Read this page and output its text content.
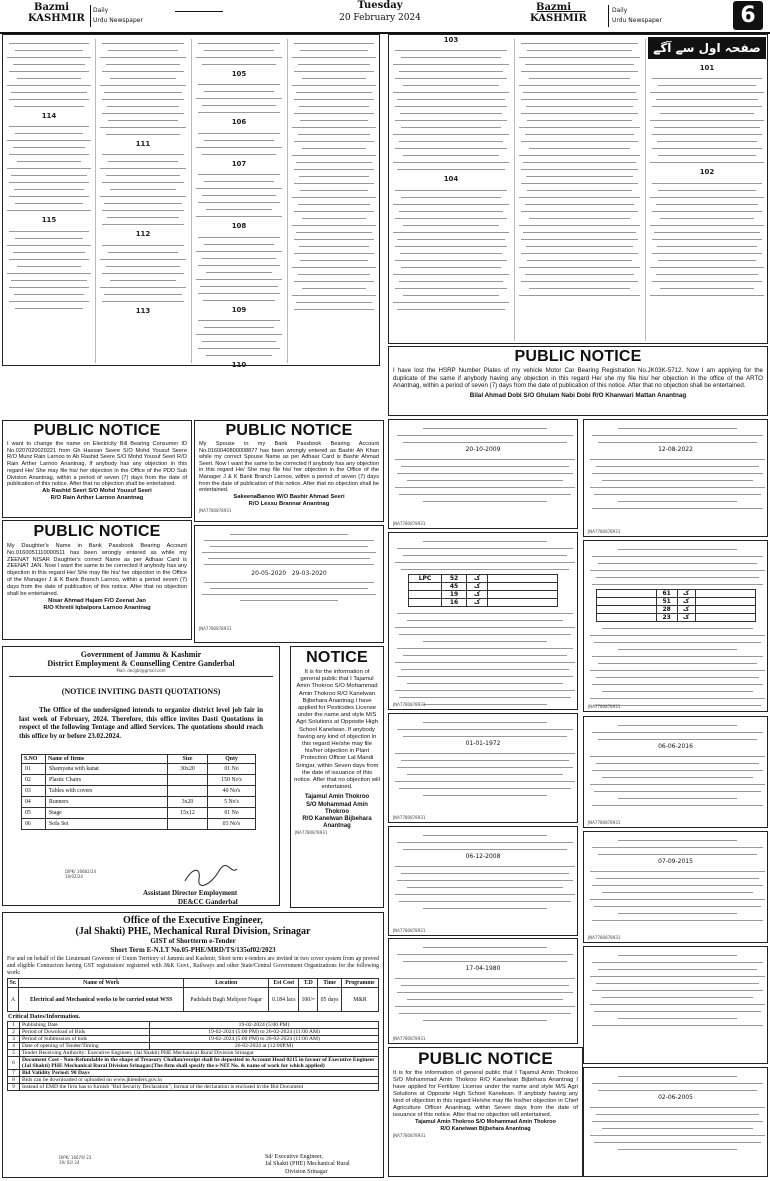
Bazmi
KASHMIR
Daily
Urdu Newspaper
Tuesday
20 February 2024
Bazmi
KASHMIR
Daily
Urdu Newspaper	6
114
115
111
112
113
105
106
107
108
109
110
103
104
صفحہ اول سے آگے
101
102
PUBLIC NOTICE
I have lost the HSRP Number Plates of my vehicle Motor Car Bearing Registration No.JK03K-5712. Now I am applying for the duplicate of the same if anybody having any objection in this regard He/ she my file his/ her objection in the office of the ARTO Anantnag, within a period of seven (7) days from the date of publication of this notice. After that no objection shall be entertained.
Bilal Ahmad Dobi S/O Ghulam Nabi Dobi R/O Khanwari Mattan Anantnag
PUBLIC NOTICE
I want to change the name on Electricity Bill Bearing Consumer ID No.0207020020221 from Gh Hassan Seere S/O Mohd Yousuf Seere R/O Munz Rain Larnoo to Ab Rashid Seere S/O Mohd Yousuf Seeri R/O Rain Arther Larnoo Anantnag, If anybody has any objection in this regard He/ She may file his/ her objection in the Office of the PDD Sub Division Anantnag, within a period of seven (7) days from the date of publication of this notice. After that no objection shall be entertained.
Ab Rashid Seeri S/O Mohd Yousuf Seeri
R/O Rain Arther Larnoo Anantnag
PUBLIC NOTICE
My Spouse in my Bank Passbook Bearing Account No.0160040800008877 has been wrongly entered as Bashir Ah Khan while my correct Spouse Name as per Adhaar Card is Bashir Ahmad Seeri. Now I want the same to be corrected if anybody has any objection in this regard He/ She may file his/ her objection in the Office of the Manager J & K Bank Branch Larnoo, within a period of seven (7) days from the date of publication of this notice. After that no objection shall be entertained.
SakeenaBanoo W/O Bashir Ahmad Seeri
R/O Lessu Brannar Anantnag
JNA7780878931
PUBLIC NOTICE
My Daughter's Name in Bank Passbook Bearing Account No.0160051110000511 has been wrongly entered as while my ZEENAT NISAR Daughter's correct Name as per Adhaar Card is ZEENAT JAN. Now I want the same to be corrected if anybody has any objection in this regard He/ She may file his/ her objection in the Office of the Manager J & K Bank Branch Larnoo, within a period seven (7) days from the date of publication of this notice. After that no objection shall be entertained.
Nisar Ahmad Hajam F/O Zeenat Jan
R/O Khretii Iqbalpora Larnoo Anantnag
20-05-2020 29-03-2020
JNA7780878931
Government of Jammu & Kashmir
District Employment & Counselling Centre Ganderbal
Mail: decgbl@gmail.com
(NOTICE INVITING DASTI QUOTATIONS)
The Office of the undersigned intends to organize district level job fair in last week of February, 2024. Therefore, this office invites Dasti Quotations in respect of the following Tentage and allied Services. The quotations should reach this office by or before 23.02.2024.
S.NO	Name of Items	Size	Qnty
01	Shamyana with kanat	30x20	01 No
02	Plastic Chairs		150 No's
03	Tables with covers		40 No's
04	Runners	3x20	5 No's
05	Stage	15x12	01 No
06	Sofa Set		03 No's
DIPK/ 16682/24
19/02/24
Assistant Director Employment
DE&CC Ganderbal
NOTICE
It is for the information of general public that I Tajamul Amin Thokroo S/O Mohammad Amin Thokroo R/O Kanelwan Bijbehara Anantnag I have applied for Pesticides License under the name and style M/S Agri Solutions at Opposite High School Kanelwan. If anybody having any kind of objection in this regard He/she may file his/her objection in Plant Protection Officer Lal Mandi Sringar, within Seven days from the date of issuance of this notice. After that no objection will entertained.
Tajamul Amin Thokroo
S/O Mohammad Amin
Thokroo
R/O Kanelwan Bijbehara
Anantnag
JNA7780878931
Office of the Executive Engineer,
(Jal Shakti) PHE, Mechanical Rural Division, Srinagar
GIST of Shortterm e-Tender
Short Term E-N.I.T No.05-PHE/MRD/TS/135of02/2023
For and on behalf of the Lieutenant Governor of Union Territory of Jammu and Kashmir, Short term e-tenders are invited in two cover system from ap proved and eligible Contractors having GST registration/ registered with J&K Govt., Railways and other State/Central Government Organizations for the following work:
Sr.	Name of Work	Location	Est Cost	T.D	Time	Programme
A	Electrical and Mechanical works to be carried outat WSS	Padshahi Bagh Mehjoor Nagar	0.184 lacs	100/=	05 days	M&R
Critical Dates/Information.
1	Publishing Date	19-02-2024 (5:00 PM)
2	Period of Download of Bids	19-02-2024 (5:00 PM) to 26-02-2024 (11:00 AM)
3	Period of Submission of bids	19-02-2024 (5:00 PM) to 26-02-2024 (11:00 AM)
4	Date of opening of Tender/Timing	26-02-2024 at (12:00P.M)
5	Tender Receiving Authority: Executive Engineer, (Jal Shakti) PHE Mechanical Rural Division Srinagar	
6	Document Cost - Non-Refundable in the shape of Treasury Challan/receipt shall be deposited to Account Head 0215 in favour of Executive Engineer (Jal Shakti) PHE Mechanical Rural Division Srinagar.(The firm shall specify the e-NIT No. & name of work for which applied)	
7	Bid Validity Period: 90 Days	
8	Bids can be downloaded or uploaded on www.jktenders.gov.in	
9	Instead of EMD the firm has to furnish "Bid Security Declaration", format of the declaration is enclosed in the Bid Document	
DIPK/ 16679/ 23
19/ 02/ 24
Sd/ Executive Engineer,
Jal Shakti (PHE) Mechanical Rural
Division Srinagar
20-10-2009
JNA7780878931
12-08-2022
JNA7780878931
LPC	52	ک	
	45	ک	
	19	ک	
	16	ک	
JNA7780878931
	61	ک	
	51	ک	
	28	ک	
	23	ک	
JNA7780878931
01-01-1972
JNA7780878931
06-06-2016
JNA7780878931
06-12-2008
JNA7780878931
07-09-2015
JNA7780878931
17-04-1980
JNA7780878931
02-06-2005
PUBLIC NOTICE
It is for the information of general public that I Tajamul Amin Thokroo S/O Mohammad Amin Thokroo R/O Kanelwan Bijbehara Anantnag I have applied for Fertilizer License under the name and style M/S Agri Solutions at Opposite High School Kanelwan. If anybody having any kind of objection in this regard He/she may file his/her objection in Chief Agriculture Officer Anantnag, within Seven days from the date of issuance of this notice. After that no objection will entertained.
Tajamul Amin Thokroo S/O Mohammad Amin Thokroo
R/O Kanelwan Bijbehara Anantnag
JNA7780878931
